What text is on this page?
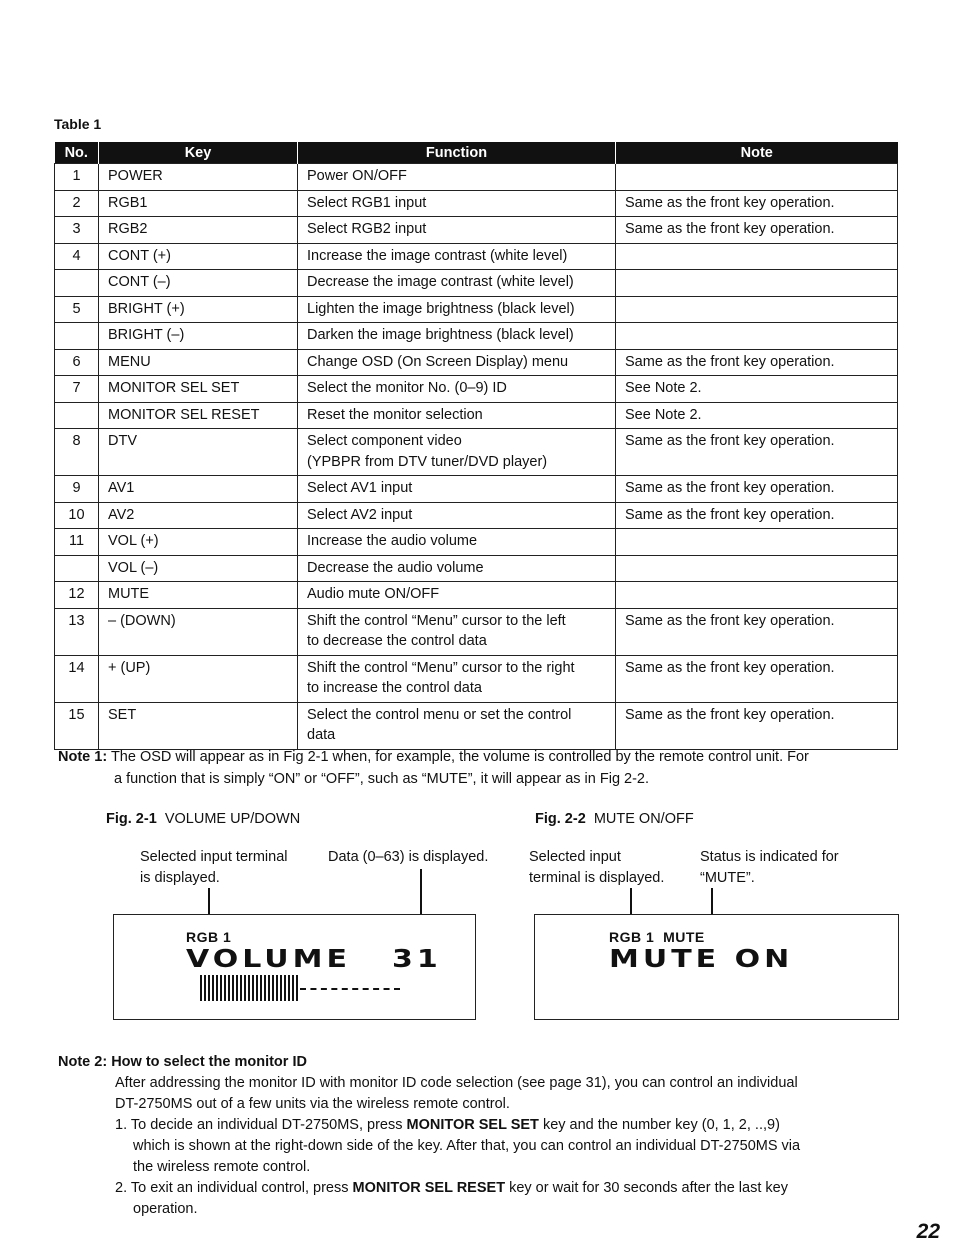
Table 1
No.	Key	Function	Note
1	POWER	Power ON/OFF	

2	RGB1	Select RGB1 input	Same as the front key operation.
3	RGB2	Select RGB2 input	Same as the front key operation.
4	CONT (+)	Increase the image contrast (white level)	

	CONT (–)	Decrease the image contrast (white level)	

5	BRIGHT (+)	Lighten the image brightness (black level)	

	BRIGHT (–)	Darken the image brightness (black level)	

6	MENU	Change OSD (On Screen Display) menu	Same as the front key operation.
7	MONITOR SEL SET	Select the monitor No. (0–9) ID	See Note 2.
	MONITOR SEL RESET	Reset the monitor selection	See Note 2.
8	DTV	Select component video
(YPBPR from DTV tuner/DVD player)	Same as the front key operation.
9	AV1	Select AV1 input	Same as the front key operation.
10	AV2	Select AV2 input	Same as the front key operation.
11	VOL (+)	Increase the audio volume	

	VOL (–)	Decrease the audio volume	

12	MUTE	Audio mute ON/OFF	

13	– (DOWN)	Shift the control “Menu” cursor to the left
to decrease the control data	Same as the front key operation.
14	+ (UP)	Shift the control “Menu” cursor to the right
to increase the control data	Same as the front key operation.
15	SET	Select the control menu or set the control
data	Same as the front key operation.
Note 1: The OSD will appear as in Fig 2-1 when, for example, the volume is controlled by the remote control unit. For
a function that is simply “ON” or “OFF”, such as “MUTE”, it will appear as in Fig 2-2.
Fig. 2-1 VOLUME UP/DOWN
Selected input terminal
is displayed.
Data (0–63) is displayed.
RGB 1
VOLUME 31
Fig. 2-2 MUTE ON/OFF
Selected input
terminal is displayed.
Status is indicated for
“MUTE”.
RGB 1  MUTE
MUTE ON
Note 2: How to select the monitor ID
After addressing the monitor ID with monitor ID code selection (see page 31), you can control an individual
DT-2750MS out of a few units via the wireless remote control.
1. To decide an individual DT-2750MS, press MONITOR SEL SET key and the number key (0, 1, 2, ..,9)
which is shown at the right-down side of the key. After that, you can control an individual DT-2750MS via
the wireless remote control.
2. To exit an individual control, press MONITOR SEL RESET key or wait for 30 seconds after the last key
operation.
22
